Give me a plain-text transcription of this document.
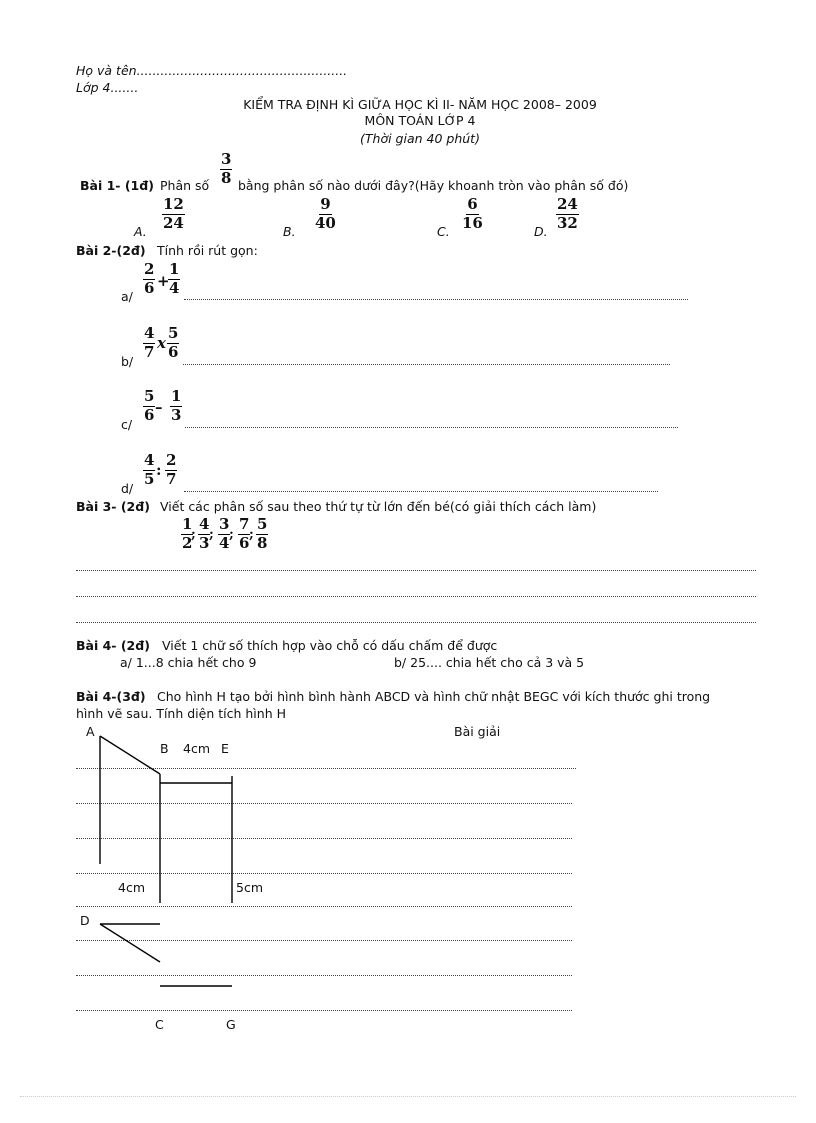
Họ và tên.....................................................
Lớp 4.......
KIỂM TRA ĐỊNH KÌ GIỮA HỌC KÌ II- NĂM HỌC 2008– 2009
MÔN TOÁN LỚP 4
(Thời gian 40 phút)
Bài 1- (1đ) Phân số $\frac{3}{8}$ bằng phân số nào dưới đây?(Hãy khoanh tròn vào phân số đó)
A. $\frac{12}{24}$	B. $\frac{9}{40}$	C. $\frac{6}{16}$	D. $\frac{24}{32}$
Bài 2-(2đ) Tính rồi rút gọn:
$a/ \frac{2}{6}$ +
$\frac{1}{4}$
b/
$\frac{4}{7}$ x $\frac{5}{6}$
c/
$\frac{5}{6} - \frac{1}{3}$
d/
$\frac{4}{5}$ : $\frac{2}{7}$
Bài 3- (2đ) Viết các phân số sau theo thứ tự từ lớn đến bé(có giải thích cách làm)
$\frac{1}{2}$
; $\frac{4}{3}$
; $\frac{3}{4}$
; $\frac{7}{6}$
; $\frac{5}{8}$
Bài 4- (2đ) Viết 1 chữ số thích hợp vào chỗ có dấu chấm để được
a/ 1...8 chia hết cho 9	b/ 25.... chia hết cho cả 3 và 5
Bài 4-(3đ) Cho hình H tạo bởi hình bình hành ABCD và hình chữ nhật BEGC với kích thước ghi trong
hình vẽ sau. Tính diện tích hình H
Bài giải
A
B 4cm E
4cm	5cm
D
C	G
